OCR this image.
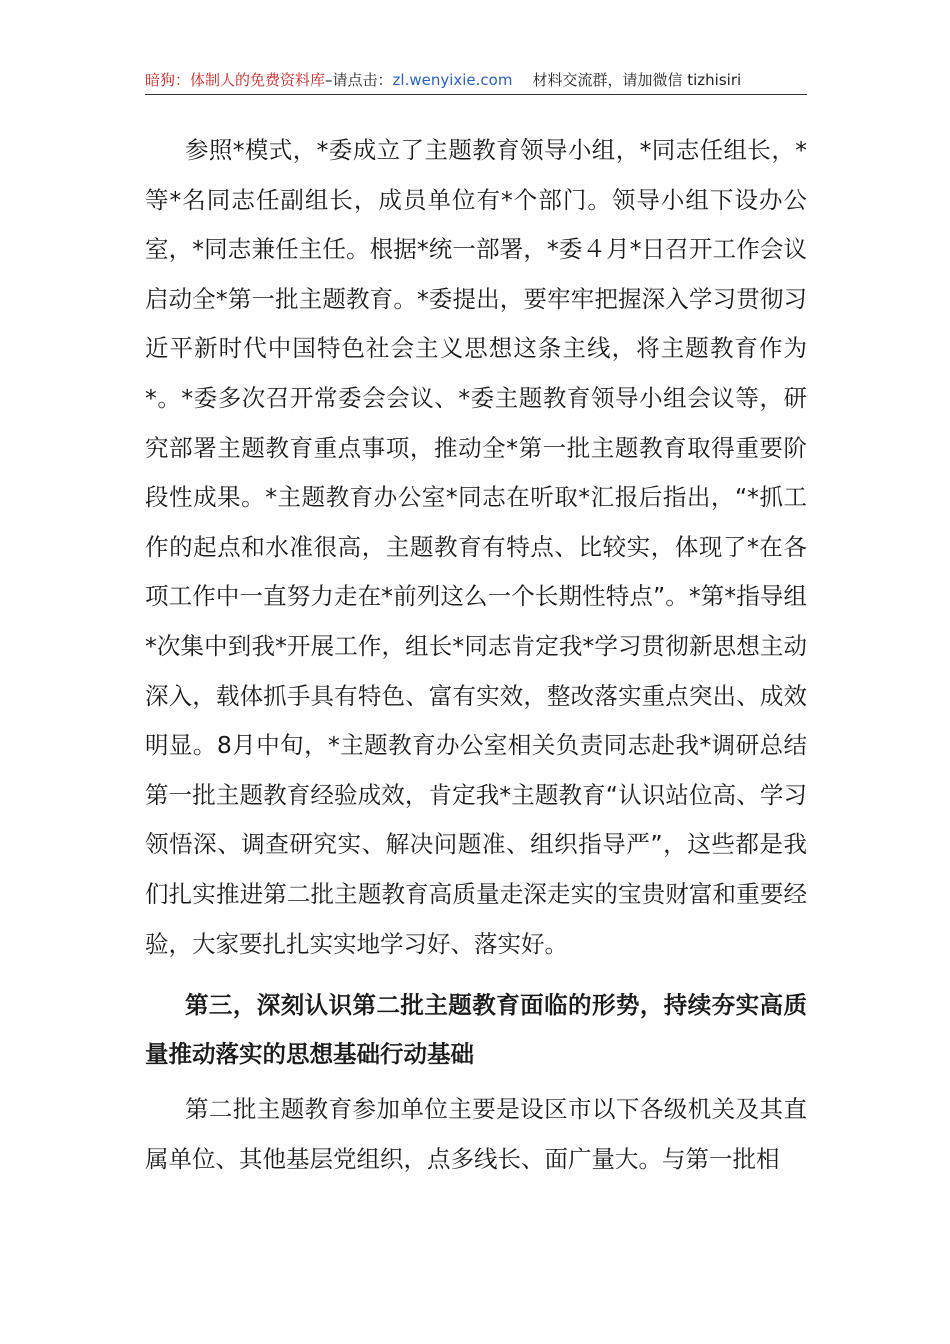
暗狗：体制人的免费资料库 –请点击： zl.wenyixie.com 材料交流群，请加微信 tizhisiri

参照*模式，*委成立了主题教育领导小组，*同志任组长，*等*名同志任副组长，成员单位有*个部门。领导小组下设办公室，*同志兼任主任。根据*统一部署，*委４月*日召开工作会议启动全*第一批主题教育。*委提出，要牢牢把握深入学习贯彻习近平新时代中国特色社会主义思想这条主线，将主题教育作为*。*委多次召开常委会会议、*委主题教育领导小组会议等，研究部署主题教育重点事项，推动全*第一批主题教育取得重要阶段性成果。*主题教育办公室*同志在听取*汇报后指出，“*抓工作的起点和水准很高，主题教育有特点、比较实，体现了*在各项工作中一直努力走在*前列这么一个长期性特点”。*第*指导组*次集中到我*开展工作，组长*同志肯定我*学习贯彻新思想主动深入，载体抓手具有特色、富有实效，整改落实重点突出、成效明显。8月中旬，*主题教育办公室相关负责同志赴我*调研总结第一批主题教育经验成效，肯定我*主题教育“认识站位高、学习领悟深、调查研究实、解决问题准、组织指导严”，这些都是我们扎实推进第二批主题教育高质量走深走实的宝贵财富和重要经验，大家要扎扎实实地学习好、落实好。

第三，深刻认识第二批主题教育面临的形势，持续夯实高质量推动落实的思想基础行动基础

第二批主题教育参加单位主要是设区市以下各级机关及其直属单位、其他基层党组织，点多线长、面广量大。与第一批相
